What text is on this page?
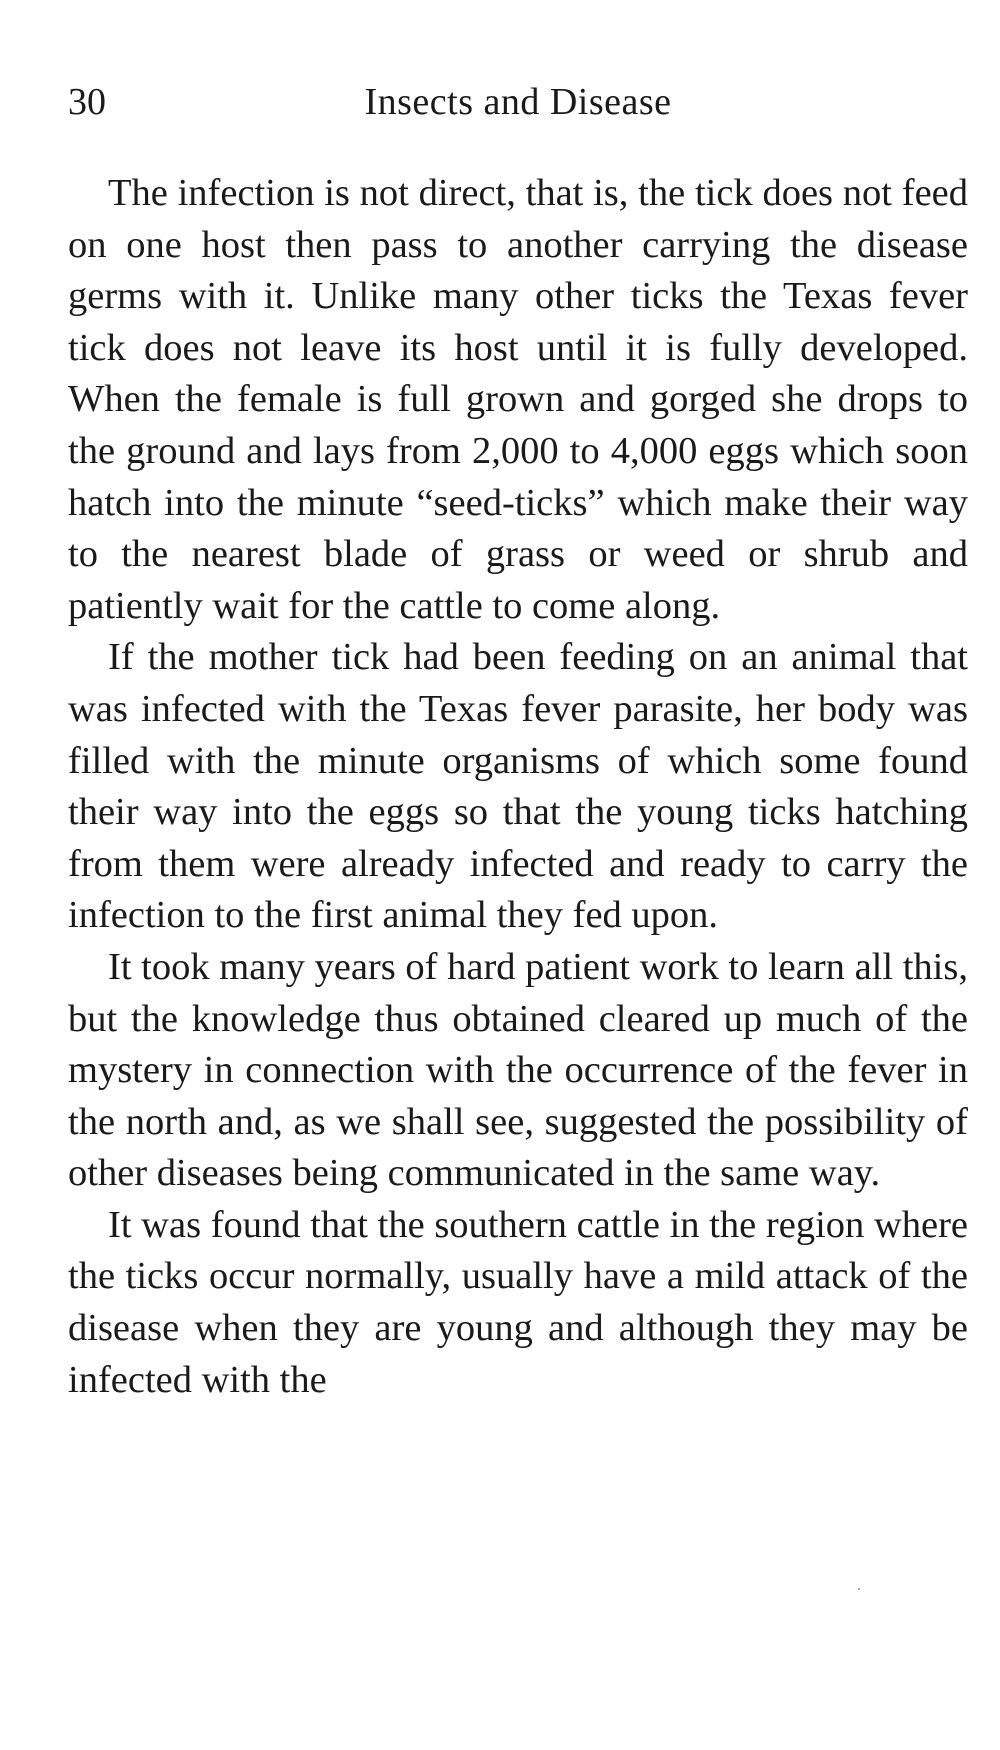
30	Insects and Disease

The infection is not direct, that is, the tick does not feed on one host then pass to another carrying the disease germs with it. Unlike many other ticks the Texas fever tick does not leave its host until it is fully developed. When the female is full grown and gorged she drops to the ground and lays from 2,000 to 4,000 eggs which soon hatch into the minute “seed-ticks” which make their way to the nearest blade of grass or weed or shrub and patiently wait for the cattle to come along.

If the mother tick had been feeding on an animal that was infected with the Texas fever parasite, her body was filled with the minute organisms of which some found their way into the eggs so that the young ticks hatching from them were already infected and ready to carry the infection to the first animal they fed upon.

It took many years of hard patient work to learn all this, but the knowledge thus obtained cleared up much of the mystery in connection with the occurrence of the fever in the north and, as we shall see, suggested the possibility of other diseases being communicated in the same way.

It was found that the southern cattle in the region where the ticks occur normally, usually have a mild attack of the disease when they are young and although they may be infected with the
